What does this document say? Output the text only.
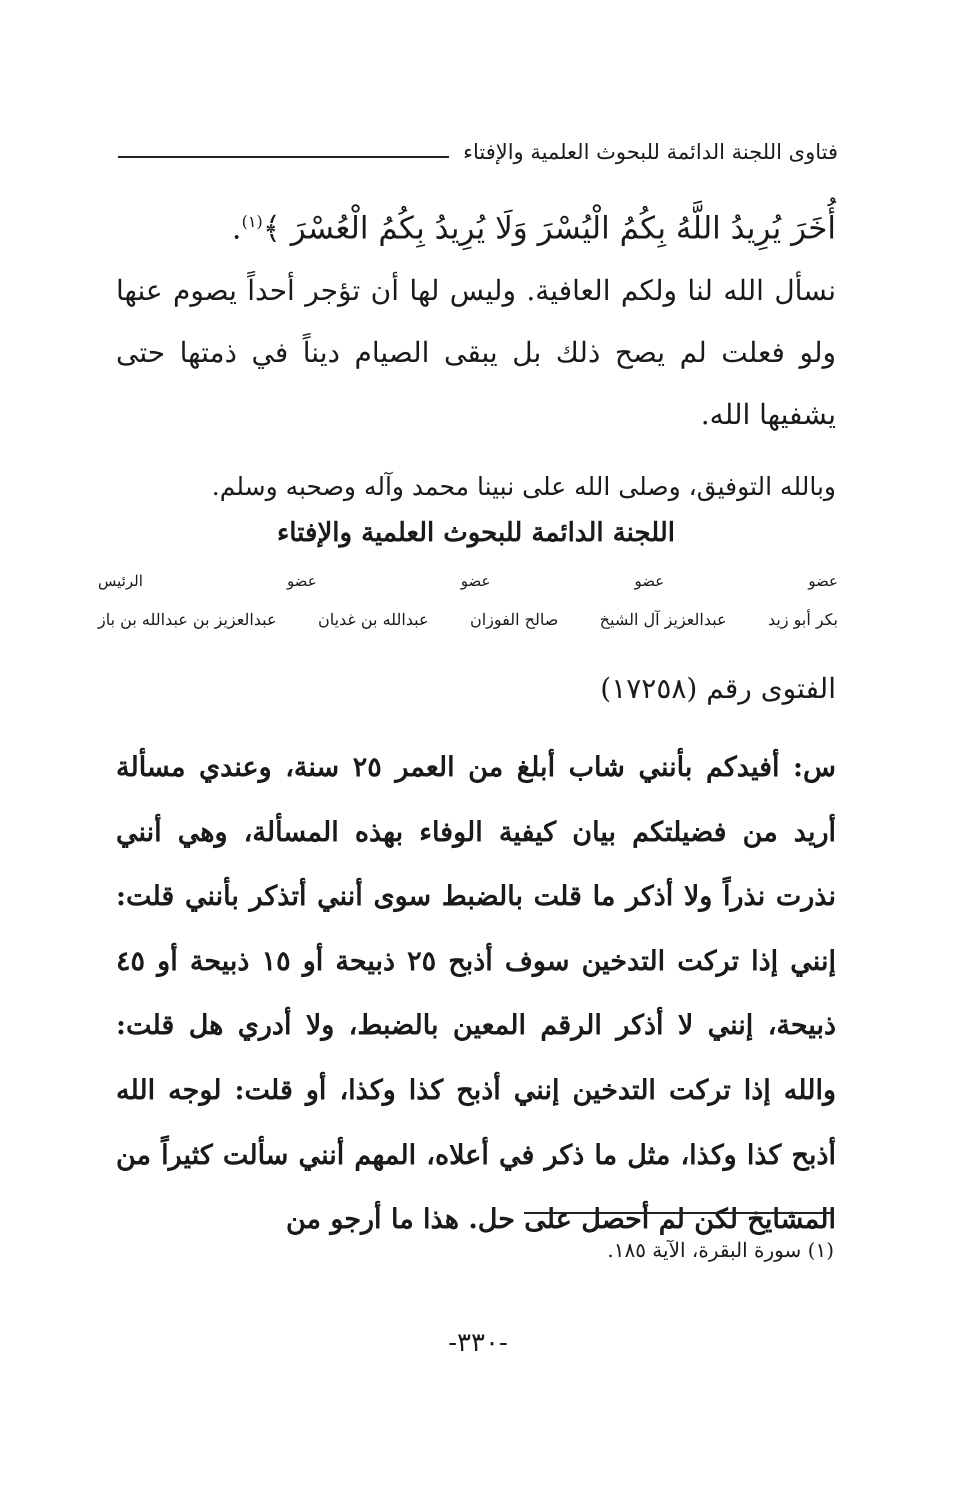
فتاوى اللجنة الدائمة للبحوث العلمية والإفتاء
أُخَرَ يُرِيدُ اللَّهُ بِكُمُ الْيُسْرَ وَلَا يُرِيدُ بِكُمُ الْعُسْرَ ﴾$^{(١)}$.
نسأل الله لنا ولكم العافية. وليس لها أن تؤجر أحداً يصوم عنها ولو فعلت لم يصح ذلك بل يبقى الصيام ديناً في ذمتها حتى يشفيها الله.
وبالله التوفيق، وصلى الله على نبينا محمد وآله وصحبه وسلم.
اللجنة الدائمة للبحوث العلمية والإفتاء
عضو
عضو
عضو
عضو
الرئيس
بكر أبو زيد
عبدالعزيز آل الشيخ
صالح الفوزان
عبدالله بن غديان
عبدالعزيز بن عبدالله بن باز
الفتوى رقم (١٧٢٥٨)
س: أفيدكم بأنني شاب أبلغ من العمر ٢٥ سنة، وعندي مسألة أريد من فضيلتكم بيان كيفية الوفاء بهذه المسألة، وهي أنني نذرت نذراً ولا أذكر ما قلت بالضبط سوى أنني أتذكر بأنني قلت: إنني إذا تركت التدخين سوف أذبح ٢٥ ذبيحة أو ١٥ ذبيحة أو ٤٥ ذبيحة، إنني لا أذكر الرقم المعين بالضبط، ولا أدري هل قلت: والله إذا تركت التدخين إنني أذبح كذا وكذا، أو قلت: لوجه الله أذبح كذا وكذا، مثل ما ذكر في أعلاه، المهم أنني سألت كثيراً من المشايخ لكن لم أحصل على حل. هذا ما أرجو من
(١) سورة البقرة، الآية ١٨٥.
-٣٣٠-
